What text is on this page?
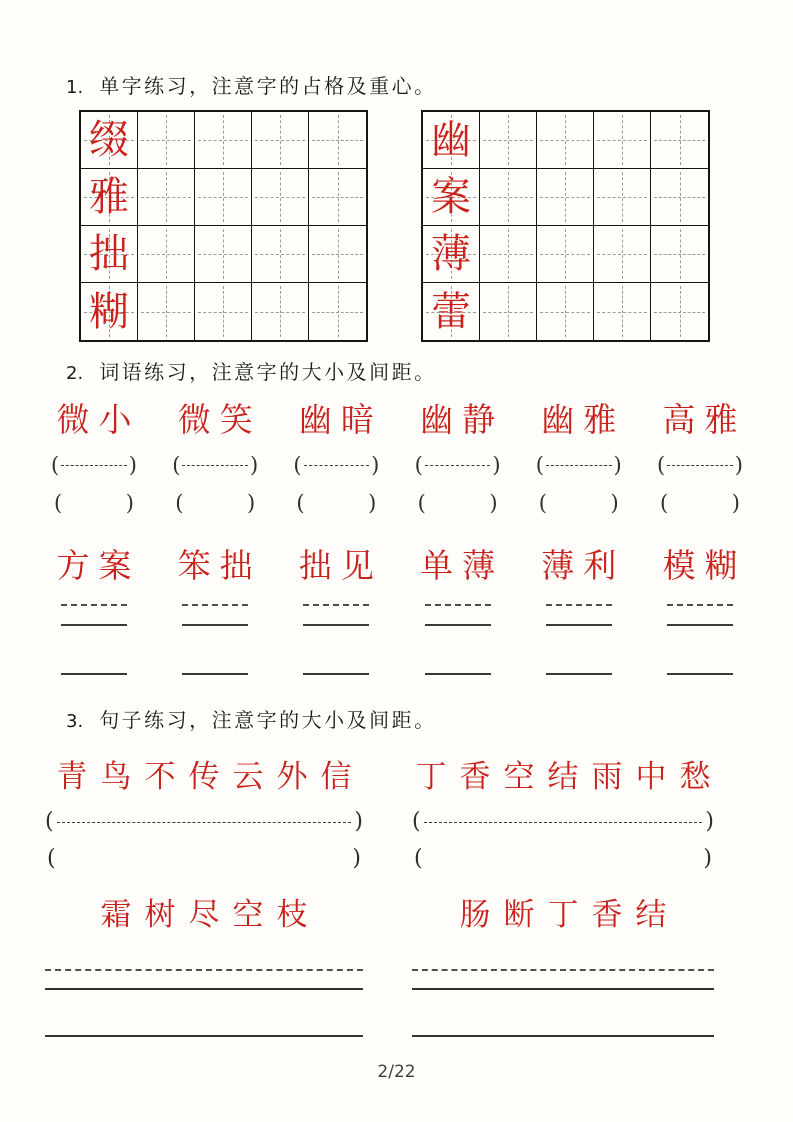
1. 单字练习，注意字的占格及重心。
缀
雅
拙
糊
幽
案
薄
蕾
2. 词语练习，注意字的大小及间距。
微小
(	)
(	)
微笑
(	)
(	)
幽暗
(	)
(	)
幽静
(	)
(	)
幽雅
(	)
(	)
高雅
(	)
(	)
方案 笨拙 拙见 单薄 薄利 模糊
3. 句子练习，注意字的大小及间距。
青鸟不传云外信
(	)
(	)
丁香空结雨中愁
(	)
(	)
霜树尽空枝	肠断丁香结
2/22
